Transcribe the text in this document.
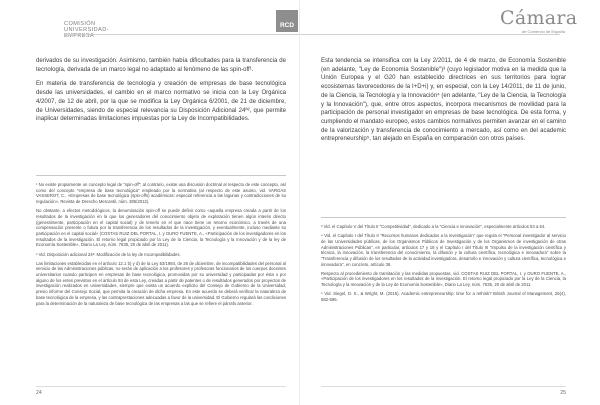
COMISIÓN UNIVERSIDAD-EMPRESA
RCD

derivados de su investigación. Asimismo, también había dificultades para la transferencia de tecnología, derivada de un marco legal no adaptado al fenómeno de las spin-off¹.

En materia de transferencia de tecnología y creación de empresas de base tecnológica desde las universidades, el cambio en el marco normativo se inicia con la Ley Orgánica 4/2007, de 12 de abril, por la que se modifica la Ley Orgánica 6/2001, de 21 de diciembre, de Universidades, siendo de especial relevancia su Disposición Adicional 24ª², que permite inaplicar determinadas limitaciones impuestas por la Ley de Incompatibilidades.

¹ No existe propiamente un concepto legal de "spin-off"; al contrario, existe una discusión doctrinal al respecto de este concepto, así como del concepto "empresa de base tecnológica" empleado por la normativa (al respecto de este asunto, vid. VARGAS VASSEROT, C., «Empresas de base tecnológica (spin-offs) académicas: especial referencia a las lagunas y contradicciones de su regulación», Revista de Derecho Mercantil, núm. 285/2012).

No obstante, a efectos metodológicos, la denominación spin-off se puede definir como «aquella empresa creada a partir de los resultados de la investigación en la que los generadores del conocimiento objeto de explotación tienen algún interés directo (generalmente, participación en el capital social) y de tenerlo en el que nace tiene un retorno económico, a través de una compensación presente o futura por la transferencia de los resultados de la investigación, y eventualmente, incluso mediante su participación en el capital social» (COSTAS RUIZ DEL PORTAL, I. y OURO FUENTE, A., «Participación de los investigadores en los resultados de la investigación. El retorno legal propiciado por la Ley de la Ciencia, la Tecnología y la Innovación y de la ley de Economía Sostenible», Diario La Ley, núm. 7635, 20 de abril de 2011).

² Vid. Disposición adicional 24ª: Modificación de la ley de Incompatibilidades.

Las limitaciones establecidas en el artículo 12.1 b) y d) de la Ley 53/1984, de 26 de diciembre, de incompatibilidades del personal al servicio de las Administraciones públicas, no serán de aplicación a los profesores y profesoras funcionarios de los cuerpos docentes universitarios cuando participen en empresas de base tecnológica, promovidas por su universidad y participadas por ésta o por alguno de los entes previstos en el artículo 84 de esta Ley, creadas a partir de patentes o de resultados generados por proyectos de investigación realizados en universidades, siempre que exista un acuerdo explícito del Consejo de Gobierno de la Universidad, previo informe del Consejo Social, que permita la creación de dicha empresa. En este acuerdo se deberá verificar la naturaleza de base tecnológica de la empresa, y las contraprestaciones adecuadas a favor de la universidad. El Gobierno regulará las condiciones para la determinación de la naturaleza de base tecnológica de las empresas a las que se refiere el párrafo anterior.

24
Cámara
de Comercio de España

Esta tendencia se intensifica con la Ley 2/2011, de 4 de marzo, de Economía Sostenible (en adelante, "Ley de Economía Sostenible")³ (cuyo legislador motiva en la medida que la Unión Europea y el G20 han establecido directrices en sus territorios para lograr ecosistemas favorecedores de la I+D+i) y, en especial, con la Ley 14/2011, de 11 de junio, de la Ciencia, la Tecnología y la Innovación⁴ (en adelante, "Ley de la Ciencia, la Tecnología y la Innovación"), que, entre otros aspectos, incorpora mecanismos de movilidad para la participación de personal investigador en empresas de base tecnológica. De esta forma, y cumpliendo el mandato europeo, estos cambios normativos permiten avanzar en el camino de la valorización y transferencia de conocimiento a mercado, así como en del academic entrepreneurship⁵, tan alejado en España en comparación con otros países.

³ Vid. el Capítulo V del Título II "Competitividad", dedicado a la "Ciencia e innovación", especialmente artículos 53 a 64.

⁴ Vid. el Capítulo I del Título II "Recursos humanos dedicados a la investigación" que regula el "Personal investigador al servicio de las Universidades públicas, de los Organismos Públicos de Investigación y de los Organismos de investigación de otras Administraciones Públicas", en particular, artículos 17 y 18 y el Capítulo I del Título III "Impulso de la investigación científica y técnica, la innovación, la transferencia del conocimiento, la difusión y la cultura científica, tecnológica e innovadora" sobre la "Transferencia y difusión de los resultados de la actividad investigadora, desarrollo e innovación y cultura científica, tecnológica e innovadora", en concreto, artículo 36.

Respecto al procedimiento de tramitación y las medidas propuestas, vid. COSTAS RUIZ DEL PORTAL, I. y OURO FUENTE, A., «Participación de los investigadores en los resultados de la investigación. El retorno legal propiciado por la Ley de la Ciencia, la Tecnología y la Innovación y de la Ley de Economía Sostenible», Diario La Ley, núm. 7635, 20 de abril de 2011.

⁵ Vid. Siegel, D. S., & Wright, M. (2015). Academic entrepreneurship: time for a rethink? British Journal of Management, 26(4), 582-595.

25
